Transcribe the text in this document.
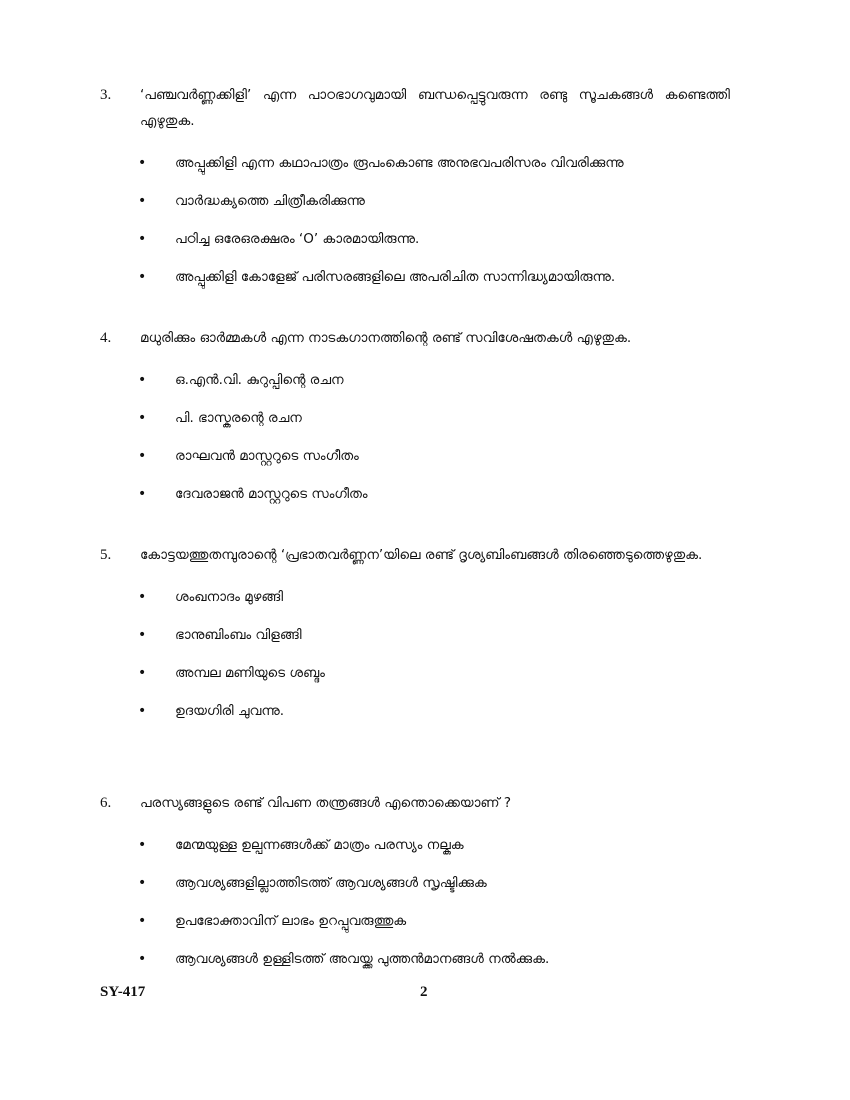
3.	‘പഞ്ചവർണ്ണക്കിളി’ എന്ന പാഠഭാഗവുമായി ബന്ധപ്പെട്ടുവരുന്ന രണ്ടു സൂചകങ്ങൾ കണ്ടെത്തി എഴുതുക.
•	അപ്പുക്കിളി എന്ന കഥാപാത്രം രൂപംകൊണ്ട അനുഭവപരിസരം വിവരിക്കുന്നു
•	വാർദ്ധക്യത്തെ ചിത്രീകരിക്കുന്നു
•	പഠിച്ച ഒരേഒരക്ഷരം ‘O’ കാരമായിരുന്നു.
•	അപ്പുക്കിളി കോളേജ് പരിസരങ്ങളിലെ അപരിചിത സാന്നിദ്ധ്യമായിരുന്നു.
4.	മധുരിക്കും ഓർമ്മകൾ എന്ന നാടകഗാനത്തിന്റെ രണ്ട് സവിശേഷതകൾ എഴുതുക.
•	ഒ.എൻ.വി. കുറുപ്പിന്റെ രചന
•	പി. ഭാസ്കരന്റെ രചന
•	രാഘവൻ മാസ്റ്ററുടെ സംഗീതം
•	ദേവരാജൻ മാസ്റ്ററുടെ സംഗീതം
5.	കോട്ടയത്തുതമ്പുരാന്റെ ‘പ്രഭാതവർണ്ണന’യിലെ രണ്ട് ദൃശ്യബിംബങ്ങൾ തിരഞ്ഞെടുത്തെഴുതുക.
•	ശംഖനാദം മുഴങ്ങി
•	ഭാനുബിംബം വിളങ്ങി
•	അമ്പല മണിയുടെ ശബ്ദം
•	ഉദയഗിരി ചുവന്നു.
6.	പരസ്യങ്ങളുടെ രണ്ട് വിപണ തന്ത്രങ്ങൾ എന്തൊക്കെയാണ് ?
•	മേന്മയുള്ള ഉല്പന്നങ്ങൾക്ക് മാത്രം പരസ്യം നല്കുക
•	ആവശ്യങ്ങളില്ലാത്തിടത്ത് ആവശ്യങ്ങൾ സൃഷ്ടിക്കുക
•	ഉപഭോക്താവിന് ലാഭം ഉറപ്പുവരുത്തുക
•	ആവശ്യങ്ങൾ ഉള്ളിടത്ത് അവയ്ക്ക പുത്തൻമാനങ്ങൾ നൽക്കുക.
SY-417	2
